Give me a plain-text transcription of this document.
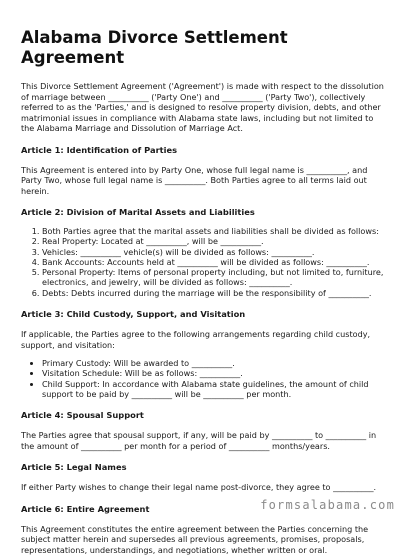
Alabama Divorce Settlement Agreement

This Divorce Settlement Agreement ('Agreement') is made with respect to the dissolution of marriage between __________ ('Party One') and __________ ('Party Two'), collectively referred to as the 'Parties,' and is designed to resolve property division, debts, and other matrimonial issues in compliance with Alabama state laws, including but not limited to the Alabama Marriage and Dissolution of Marriage Act.

Article 1: Identification of Parties

This Agreement is entered into by Party One, whose full legal name is __________, and Party Two, whose full legal name is __________. Both Parties agree to all terms laid out herein.

Article 2: Division of Marital Assets and Liabilities
1. Both Parties agree that the marital assets and liabilities shall be divided as follows:
2. Real Property: Located at __________, will be __________.
3. Vehicles: __________ vehicle(s) will be divided as follows: __________.
4. Bank Accounts: Accounts held at __________ will be divided as follows: __________.
5. Personal Property: Items of personal property including, but not limited to, furniture, electronics, and jewelry, will be divided as follows: __________.
6. Debts: Debts incurred during the marriage will be the responsibility of __________.
Article 3: Child Custody, Support, and Visitation

If applicable, the Parties agree to the following arrangements regarding child custody, support, and visitation:

• Primary Custody: Will be awarded to __________.
• Visitation Schedule: Will be as follows: __________.
• Child Support: In accordance with Alabama state guidelines, the amount of child support to be paid by __________ will be __________ per month.
Article 4: Spousal Support

The Parties agree that spousal support, if any, will be paid by __________ to __________ in the amount of __________ per month for a period of __________ months/years.

Article 5: Legal Names

If either Party wishes to change their legal name post-divorce, they agree to __________.

Article 6: Entire Agreement

This Agreement constitutes the entire agreement between the Parties concerning the subject matter herein and supersedes all previous agreements, promises, proposals, representations, understandings, and negotiations, whether written or oral.

formsalabama.com
